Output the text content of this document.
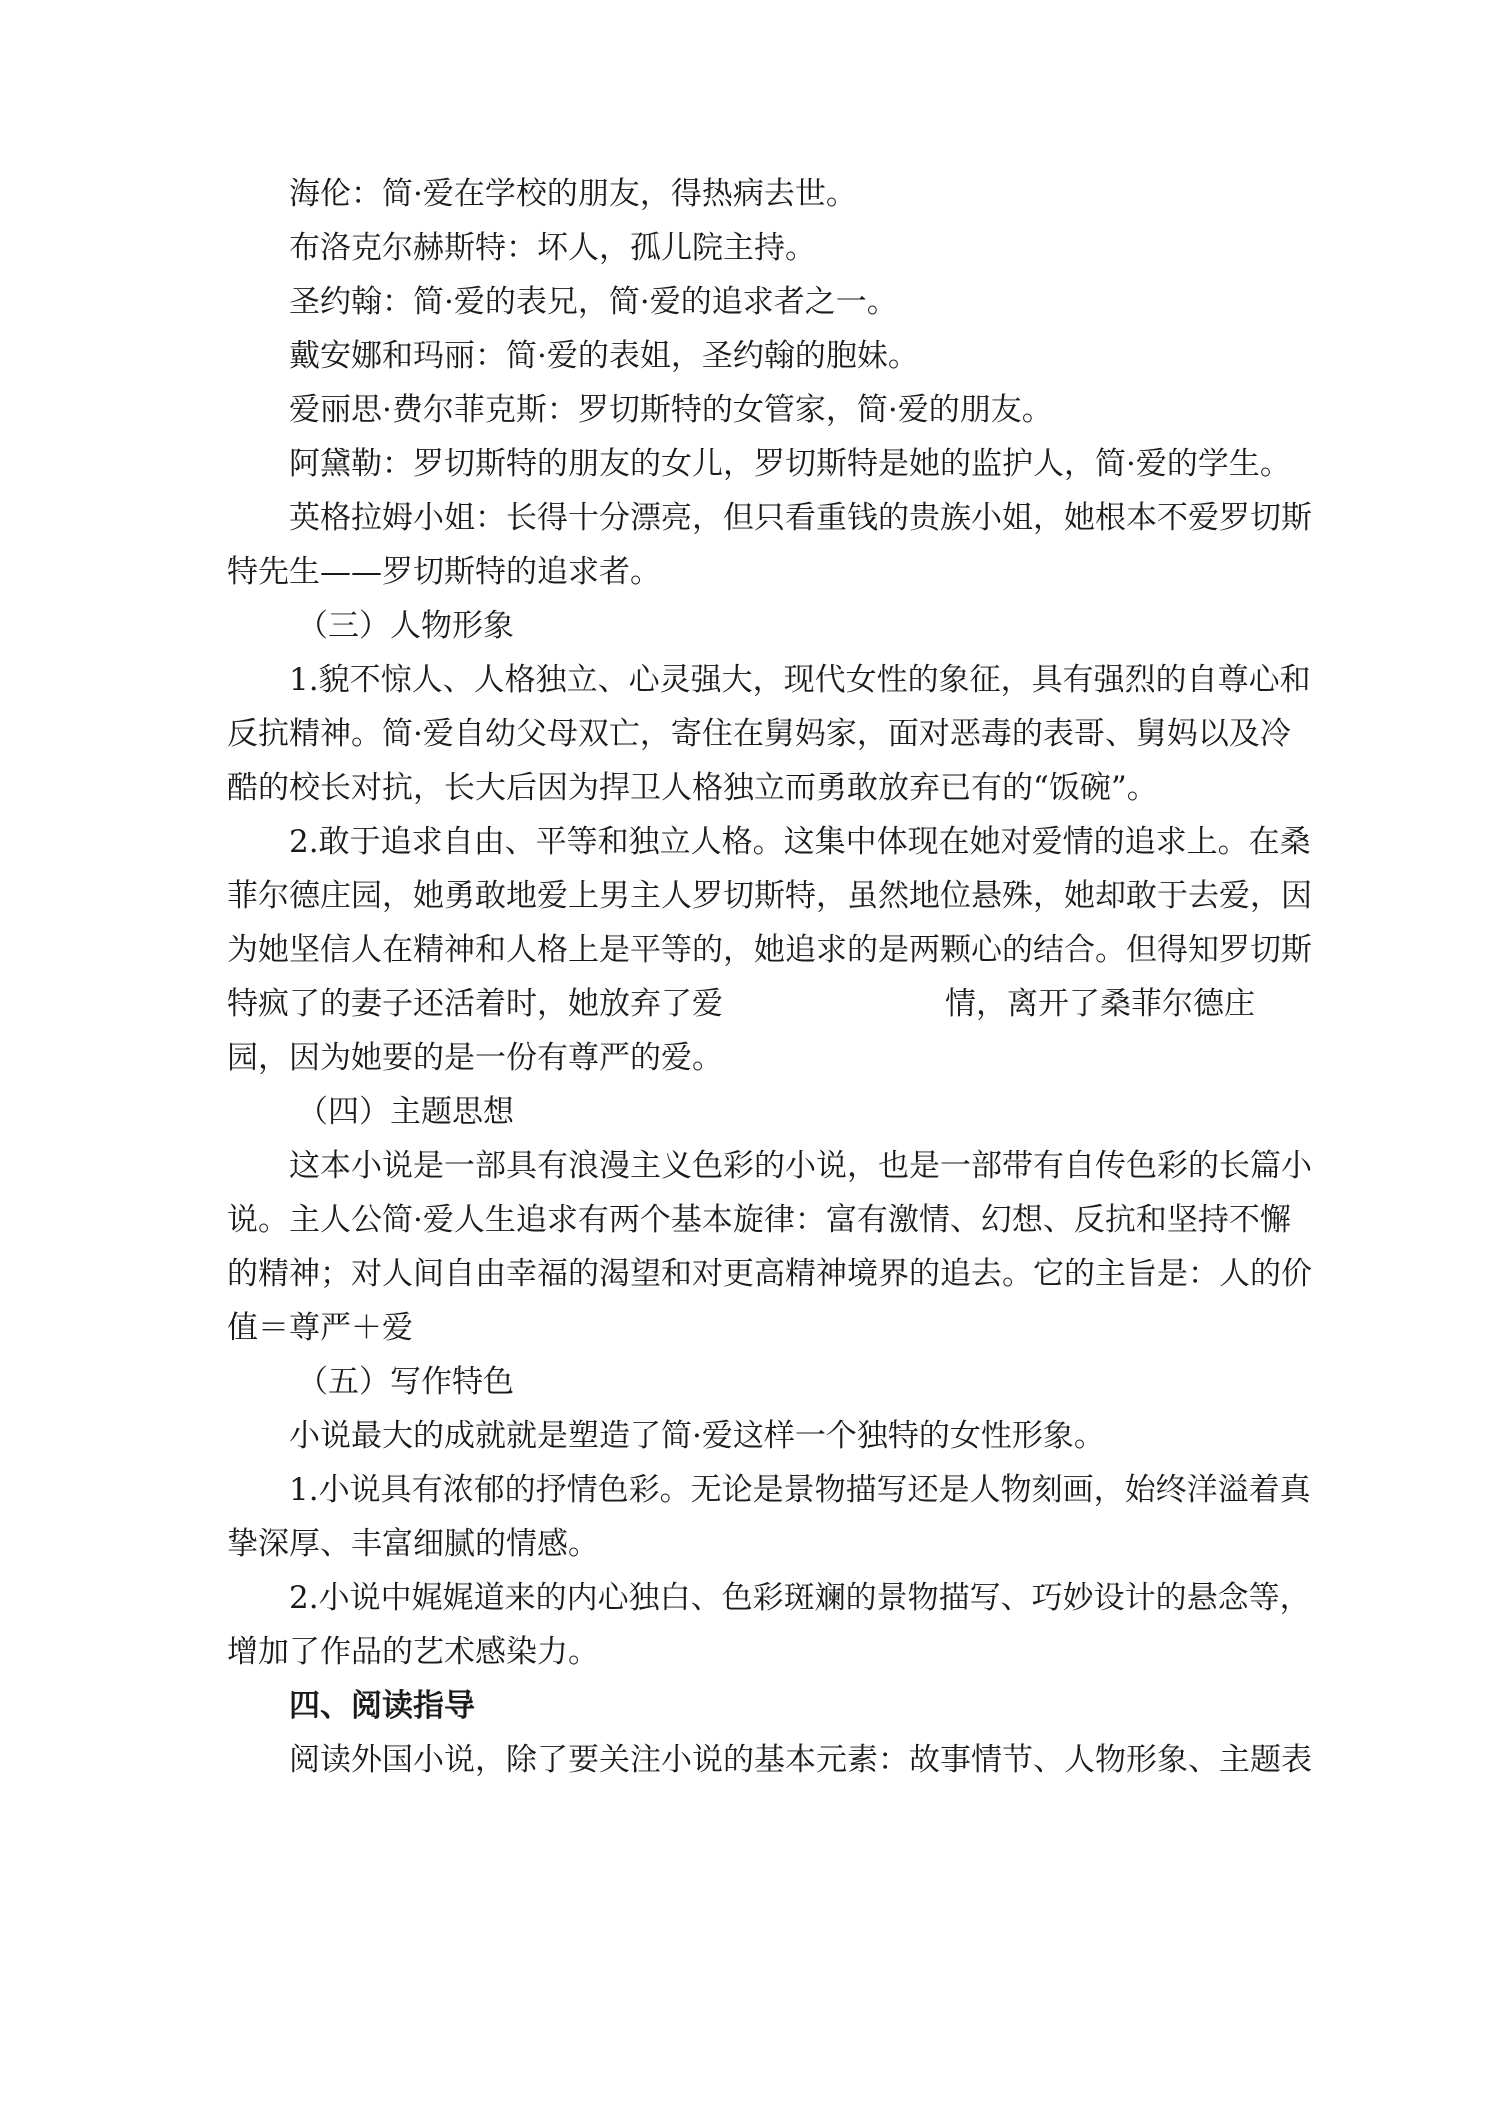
海伦：简·爱在学校的朋友，得热病去世。

布洛克尔赫斯特：坏人，孤儿院主持。

圣约翰：简·爱的表兄，简·爱的追求者之一。

戴安娜和玛丽：简·爱的表姐，圣约翰的胞妹。

爱丽思·费尔菲克斯：罗切斯特的女管家，简·爱的朋友。

阿黛勒：罗切斯特的朋友的女儿，罗切斯特是她的监护人，简·爱的学生。

英格拉姆小姐：长得十分漂亮，但只看重钱的贵族小姐，她根本不爱罗切斯

特先生——罗切斯特的追求者。

（三）人物形象

1.貌不惊人、人格独立、心灵强大，现代女性的象征，具有强烈的自尊心和

反抗精神。简·爱自幼父母双亡，寄住在舅妈家，面对恶毒的表哥、舅妈以及冷

酷的校长对抗，长大后因为捍卫人格独立而勇敢放弃已有的“饭碗”。

2.敢于追求自由、平等和独立人格。这集中体现在她对爱情的追求上。在桑

菲尔德庄园，她勇敢地爱上男主人罗切斯特，虽然地位悬殊，她却敢于去爱，因

为她坚信人在精神和人格上是平等的，她追求的是两颗心的结合。但得知罗切斯

特疯了的妻子还活着时，她放弃了爱	情，离开了桑菲尔德庄

园，因为她要的是一份有尊严的爱。

（四）主题思想

这本小说是一部具有浪漫主义色彩的小说，也是一部带有自传色彩的长篇小

说。主人公简·爱人生追求有两个基本旋律：富有激情、幻想、反抗和坚持不懈

的精神；对人间自由幸福的渴望和对更高精神境界的追去。它的主旨是：人的价

值＝尊严＋爱

（五）写作特色

小说最大的成就就是塑造了简·爱这样一个独特的女性形象。

1.小说具有浓郁的抒情色彩。无论是景物描写还是人物刻画，始终洋溢着真

挚深厚、丰富细腻的情感。

2.小说中娓娓道来的内心独白、色彩斑斓的景物描写、巧妙设计的悬念等，

增加了作品的艺术感染力。

四、阅读指导

阅读外国小说，除了要关注小说的基本元素：故事情节、人物形象、主题表
